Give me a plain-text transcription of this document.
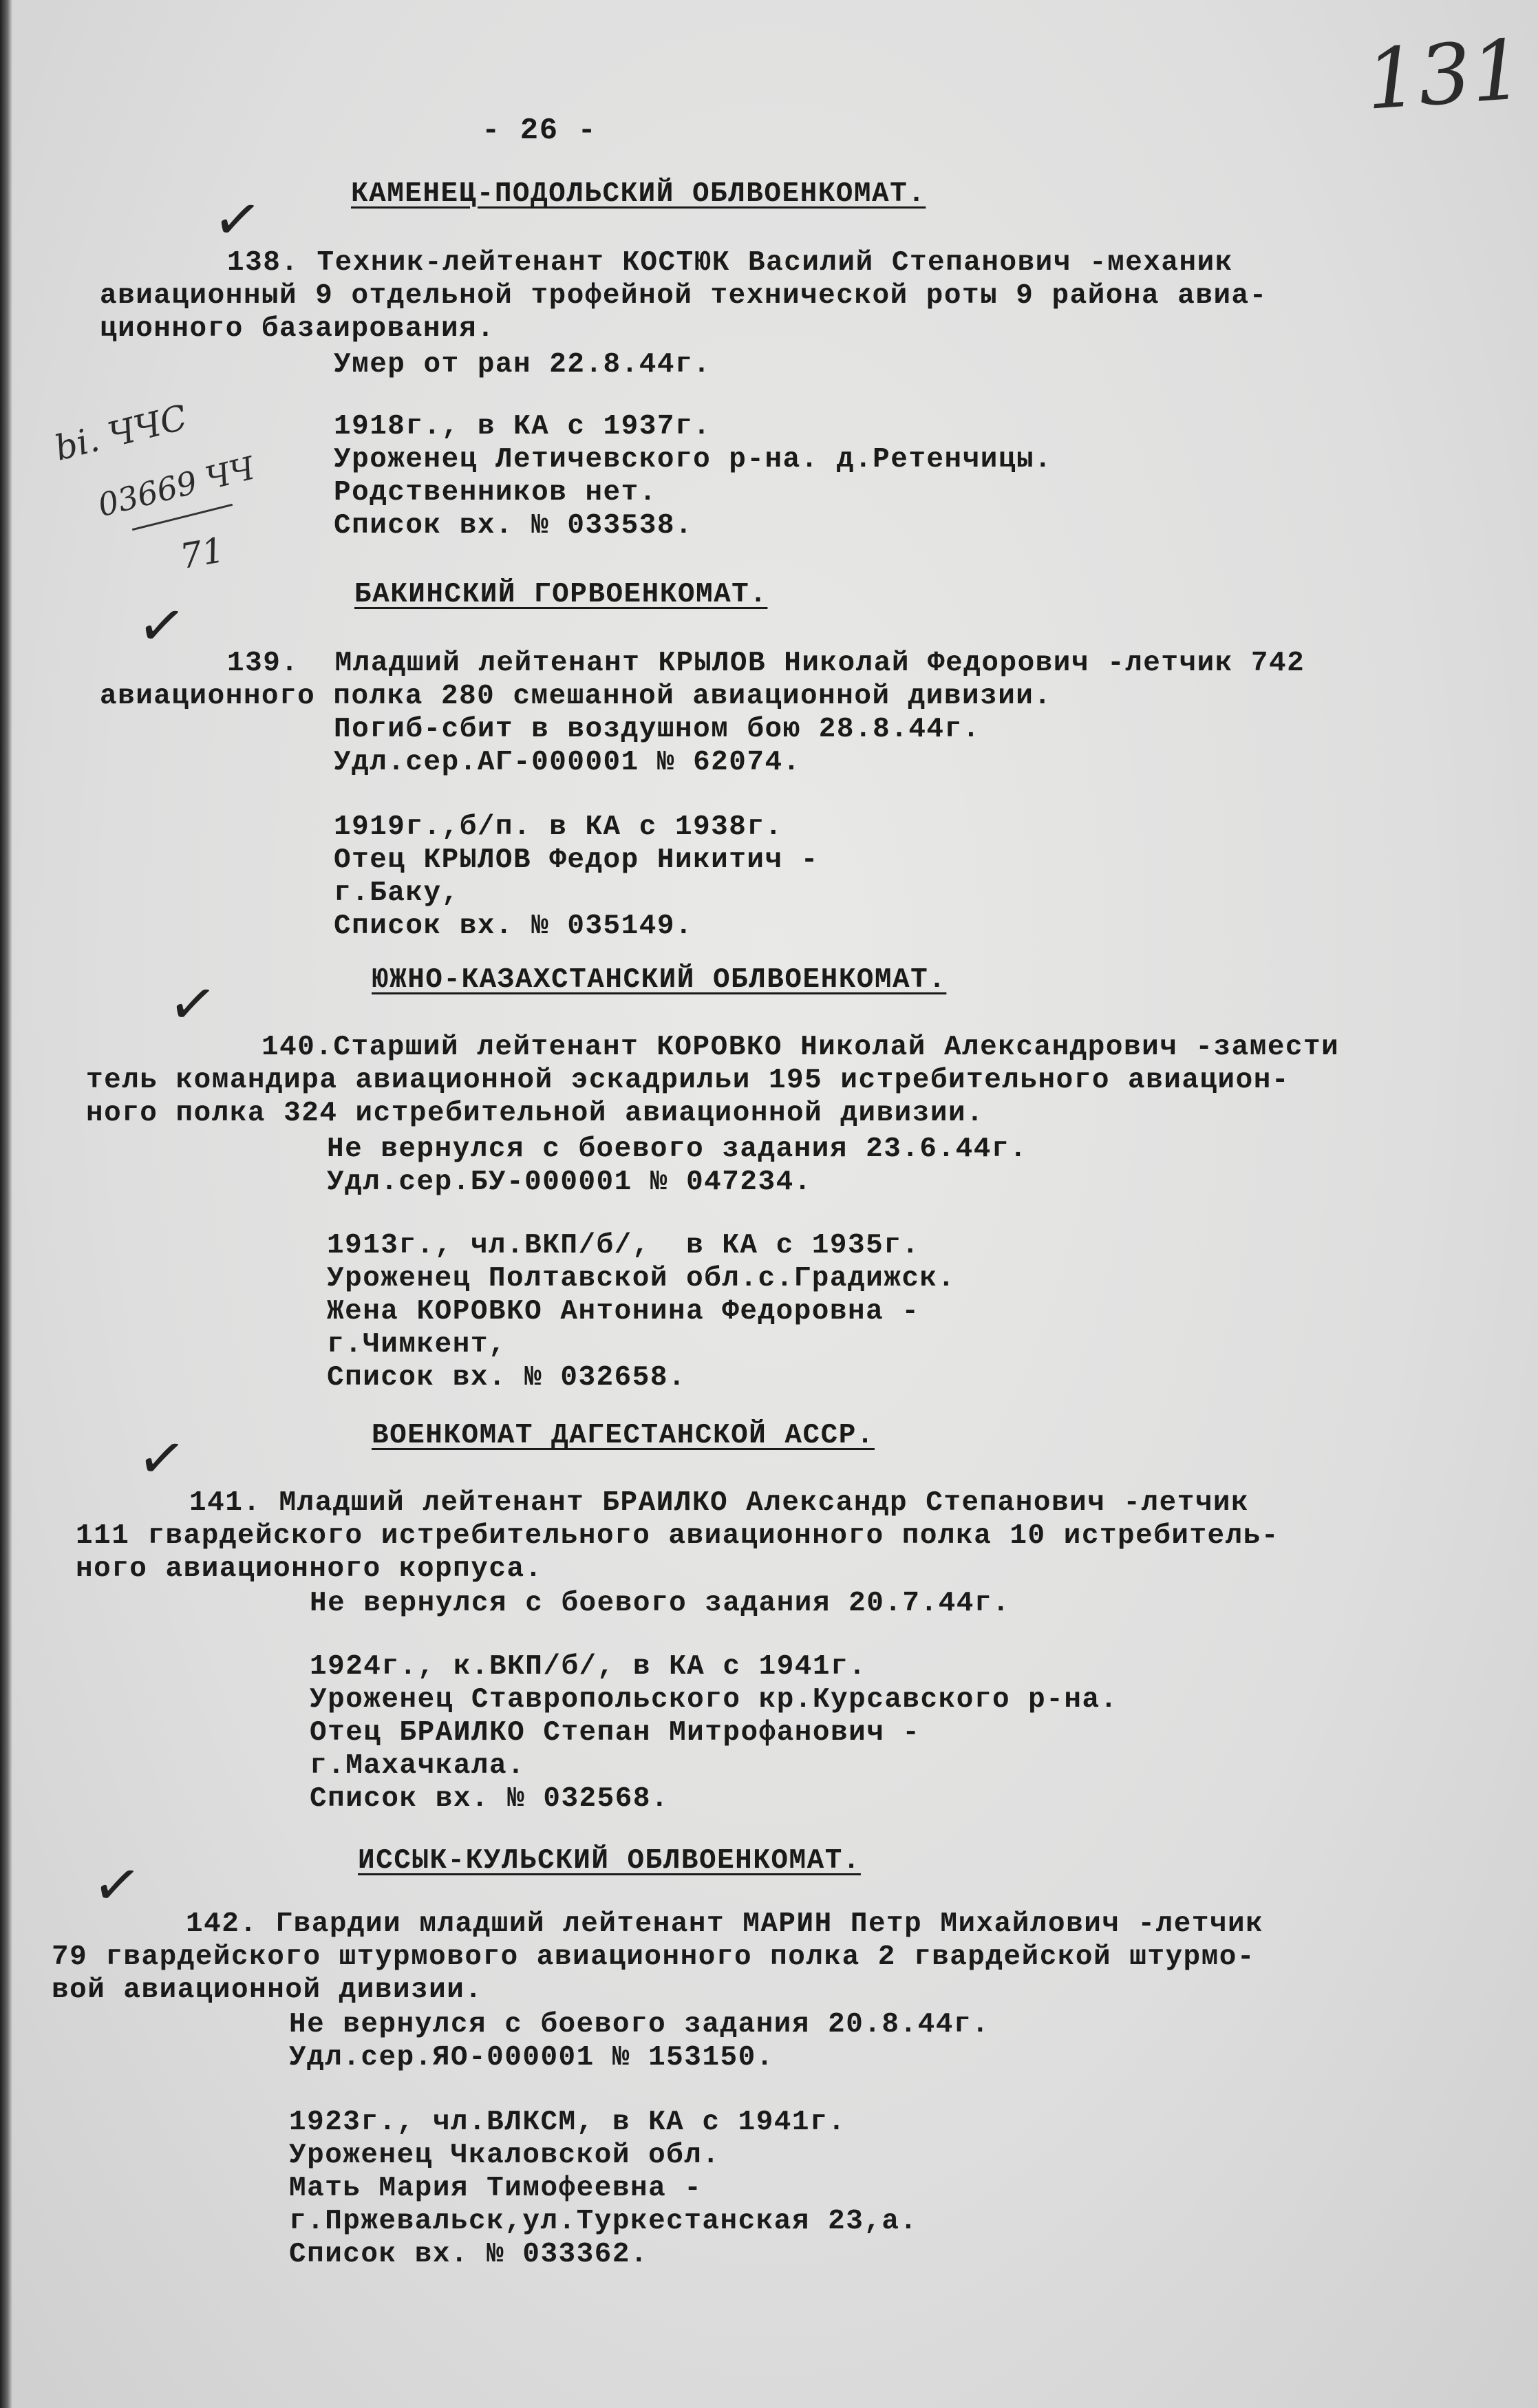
- 26 -
131
bi. ЧЧС
03669 ЧЧ
71
КАМЕНЕЦ-ПОДОЛЬСКИЙ ОБЛВОЕНКОМАТ.
✓
138. Техник-лейтенант КОСТЮК Василий Степанович -механик
авиационный 9 отдельной трофейной технической роты 9 района авиа-
ционного базаирования.
Умер от ран 22.8.44г.
1918г., в КА с 1937г.
Уроженец Летичевского р-на. д.Ретенчицы.
Родственников нет.
Список вх. № 033538.
БАКИНСКИЙ ГОРВОЕНКОМАТ.
✓
139.  Младший лейтенант КРЫЛОВ Николай Федорович -летчик 742
авиационного полка 280 смешанной авиационной дивизии.
Погиб-сбит в воздушном бою 28.8.44г.
Удл.сер.АГ-000001 № 62074.
1919г.,б/п. в КА с 1938г.
Отец КРЫЛОВ Федор Никитич -
г.Баку,
Список вх. № 035149.
ЮЖНО-КАЗАХСТАНСКИЙ ОБЛВОЕНКОМАТ.
✓
140.Старший лейтенант КОРОВКО Николай Александрович -замести
тель командира авиационной эскадрильи 195 истребительного авиацион-
ного полка 324 истребительной авиационной дивизии.
Не вернулся с боевого задания 23.6.44г.
Удл.сер.БУ-000001 № 047234.
1913г., чл.ВКП/б/,  в КА с 1935г.
Уроженец Полтавской обл.с.Градижск.
Жена КОРОВКО Антонина Федоровна -
г.Чимкент,
Список вх. № 032658.
ВОЕНКОМАТ ДАГЕСТАНСКОЙ АССР.
✓
141. Младший лейтенант БРАИЛКО Александр Степанович -летчик
111 гвардейского истребительного авиационного полка 10 истребитель-
ного авиационного корпуса.
Не вернулся с боевого задания 20.7.44г.
1924г., к.ВКП/б/, в КА с 1941г.
Уроженец Ставропольского кр.Курсавского р-на.
Отец БРАИЛКО Степан Митрофанович -
г.Махачкала.
Список вх. № 032568.
ИССЫК-КУЛЬСКИЙ ОБЛВОЕНКОМАТ.
✓
142. Гвардии младший лейтенант МАРИН Петр Михайлович -летчик
79 гвардейского штурмового авиационного полка 2 гвардейской штурмо-
вой авиационной дивизии.
Не вернулся с боевого задания 20.8.44г.
Удл.сер.ЯО-000001 № 153150.
1923г., чл.ВЛКСМ, в КА с 1941г.
Уроженец Чкаловской обл.
Мать Мария Тимофеевна -
г.Пржевальск,ул.Туркестанская 23,а.
Список вх. № 033362.
